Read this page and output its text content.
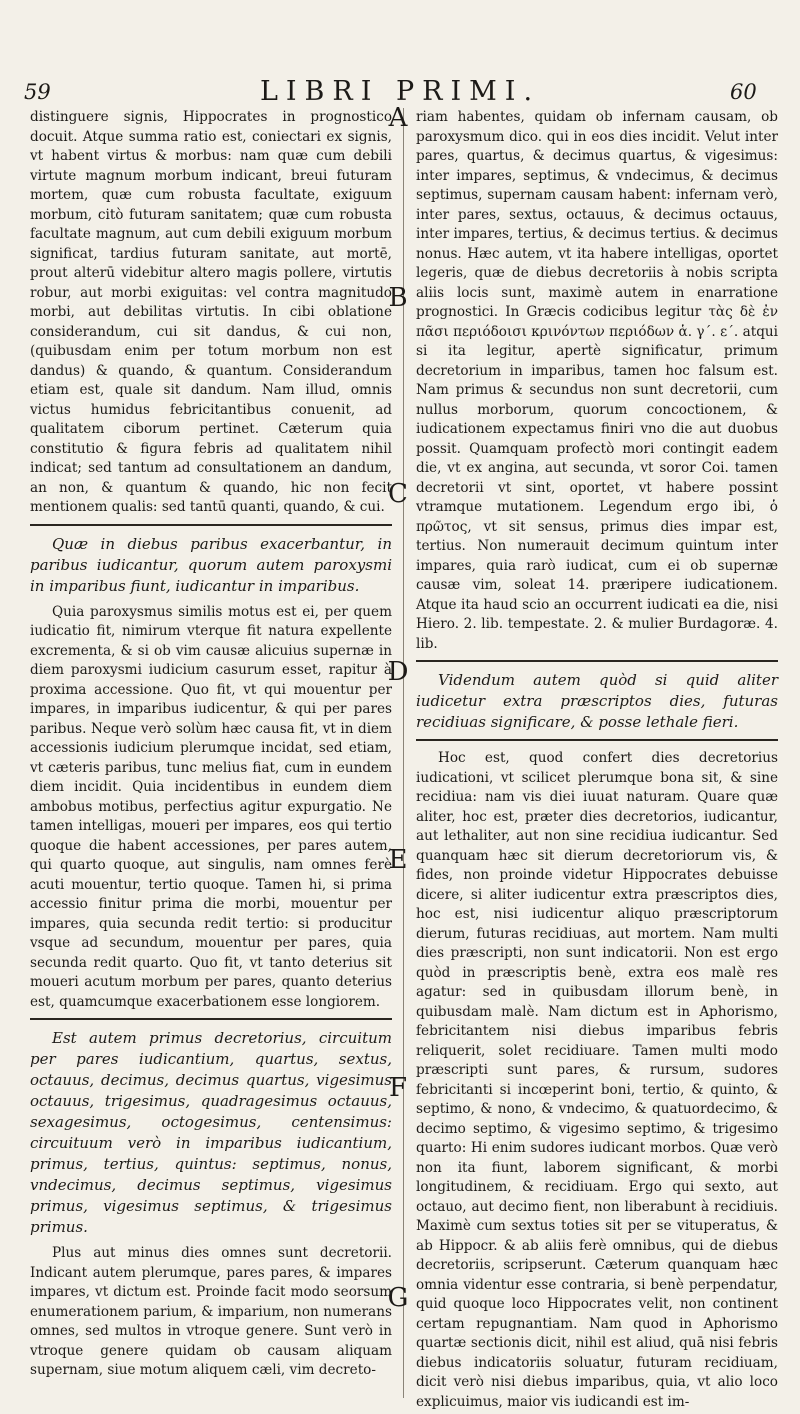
59	LIBRI PRIMI.	60

distinguere signis, Hippocrates in prognostico docuit. Atque summa ratio est, coniectari ex signis, vt habent virtus & morbus: nam quæ cum debili virtute magnum morbum indicant, breui futuram mortem, quæ cum robusta facultate, exiguum morbum, citò futuram sanitatem; quæ cum robusta facultate magnum, aut cum debili exiguum morbum significat, tardius futuram sanitate, aut mortē, prout alterū videbitur altero magis pollere, virtutis robur, aut morbi exiguitas: vel contra magnitudo morbi, aut debilitas virtutis. In cibi oblatione considerandum, cui sit dandus, & cui non, (quibusdam enim per totum morbum non est dandus) & quando, & quantum. Considerandum etiam est, quale sit dandum. Nam illud, omnis victus humidus febricitantibus conuenit, ad qualitatem ciborum pertinet. Cæterum quia constitutio & figura febris ad qualitatem nihil indicat; sed tantum ad consultationem an dandum, an non, & quantum & quando, hic non fecit mentionem qualis: sed tantū quanti, quando, & cui.

Quæ in diebus paribus exacerbantur, in paribus iudicantur, quorum autem paroxysmi in imparibus fiunt, iudicantur in imparibus.

Quia paroxysmus similis motus est ei, per quem iudicatio fit, nimirum vterque fit natura expellente excrementa, & si ob vim causæ alicuius supernæ in diem paroxysmi iudicium casurum esset, rapitur à proxima accessione. Quo fit, vt qui mouentur per impares, in imparibus iudicentur, & qui per pares paribus. Neque verò solùm hæc causa fit, vt in diem accessionis iudicium plerumque incidat, sed etiam, vt cæteris paribus, tunc melius fiat, cum in eundem diem incidit. Quia incidentibus in eundem diem ambobus motibus, perfectius agitur expurgatio. Ne tamen intelligas, moueri per impares, eos qui tertio quoque die habent accessiones, per pares autem, qui quarto quoque, aut singulis, nam omnes ferè acuti mouentur, tertio quoque. Tamen hi, si prima accessio finitur prima die morbi, mouentur per impares, quia secunda redit tertio: si producitur vsque ad secundum, mouentur per pares, quia secunda redit quarto. Quo fit, vt tanto deterius sit moueri acutum morbum per pares, quanto deterius est, quamcumque exacerbationem esse longiorem.

Est autem primus decretorius, circuitum per pares iudicantium, quartus, sextus, octauus, decimus, decimus quartus, vigesimus octauus, trigesimus, quadragesimus octauus, sexagesimus, octogesimus, centensimus: circuituum verò in imparibus iudicantium, primus, tertius, quintus: septimus, nonus, vndecimus, decimus septimus, vigesimus primus, vigesimus septimus, & trigesimus primus.

Plus aut minus dies omnes sunt decretorii. Indicant autem plerumque, pares pares, & impares impares, vt dictum est. Proinde facit modo seorsum enumerationem parium, & imparium, non numerans omnes, sed multos in vtroque genere. Sunt verò in vtroque genere quidam ob causam aliquam supernam, siue motum aliquem cæli, vim decreto-

A
B
C
D
E
F
G

riam habentes, quidam ob infernam causam, ob paroxysmum dico. qui in eos dies incidit. Velut inter pares, quartus, & decimus quartus, & vigesimus: inter impares, septimus, & vndecimus, & decimus septimus, supernam causam habent: infernam verò, inter pares, sextus, octauus, & decimus octauus, inter impares, tertius, & decimus tertius. & decimus nonus. Hæc autem, vt ita habere intelligas, oportet legeris, quæ de diebus decretoriis à nobis scripta aliis locis sunt, maximè autem in enarratione prognostici. In Græcis codicibus legitur τὰς δὲ ἐν πᾶσι περιόδοισι κρινόντων περιόδων ἁ. γ΄. ε΄. atqui si ita legitur, apertè significatur, primum decretorium in imparibus, tamen hoc falsum est. Nam primus & secundus non sunt decretorii, cum nullus morborum, quorum concoctionem, & iudicationem expectamus finiri vno die aut duobus possit. Quamquam profectò mori contingit eadem die, vt ex angina, aut secunda, vt soror Coi. tamen decretorii vt sint, oportet, vt habere possint vtramque mutationem. Legendum ergo ibi, ὁ πρῶτος, vt sit sensus, primus dies impar est, tertius. Non numerauit decimum quintum inter impares, quia rarò iudicat, cum ei ob supernæ causæ vim, soleat 14. præripere iudicationem. Atque ita haud scio an occurrent iudicati ea die, nisi Hiero. 2. lib. tempestate. 2. & mulier Burdagoræ. 4. lib.

Videndum autem quòd si quid aliter iudicetur extra præscriptos dies, futuras recidiuas significare, & posse lethale fieri.

Hoc est, quod confert dies decretorius iudicationi, vt scilicet plerumque bona sit, & sine recidiua: nam vis diei iuuat naturam. Quare quæ aliter, hoc est, præter dies decretorios, iudicantur, aut lethaliter, aut non sine recidiua iudicantur. Sed quanquam hæc sit dierum decretoriorum vis, & fides, non proinde videtur Hippocrates debuisse dicere, si aliter iudicentur extra præscriptos dies, hoc est, nisi iudicentur aliquo præscriptorum dierum, futuras recidiuas, aut mortem. Nam multi dies præscripti, non sunt indicatorii. Non est ergo quòd in præscriptis benè, extra eos malè res agatur: sed in quibusdam illorum benè, in quibusdam malè. Nam dictum est in Aphorismo, febricitantem nisi diebus imparibus febris reliquerit, solet recidiuare. Tamen multi modo præscripti sunt pares, & rursum, sudores febricitanti si incœperint boni, tertio, & quinto, & septimo, & nono, & vndecimo, & quatuordecimo, & decimo septimo, & vigesimo septimo, & trigesimo quarto: Hi enim sudores iudicant morbos. Quæ verò non ita fiunt, laborem significant, & morbi longitudinem, & recidiuam. Ergo qui sexto, aut octauo, aut decimo fient, non liberabunt à recidiuis. Maximè cum sextus toties sit per se vituperatus, & ab Hippocr. & ab aliis ferè omnibus, qui de diebus decretoriis, scripserunt. Cæterum quanquam hæc omnia videntur esse contraria, si benè perpendatur, quid quoque loco Hippocrates velit, non continent certam repugnantiam. Nam quod in Aphorismo quartæ sectionis dicit, nihil est aliud, quā nisi febris diebus indicatoriis soluatur, futuram recidiuam, dicit verò nisi diebus imparibus, quia, vt alio loco explicuimus, maior vis iudicandi est im-
